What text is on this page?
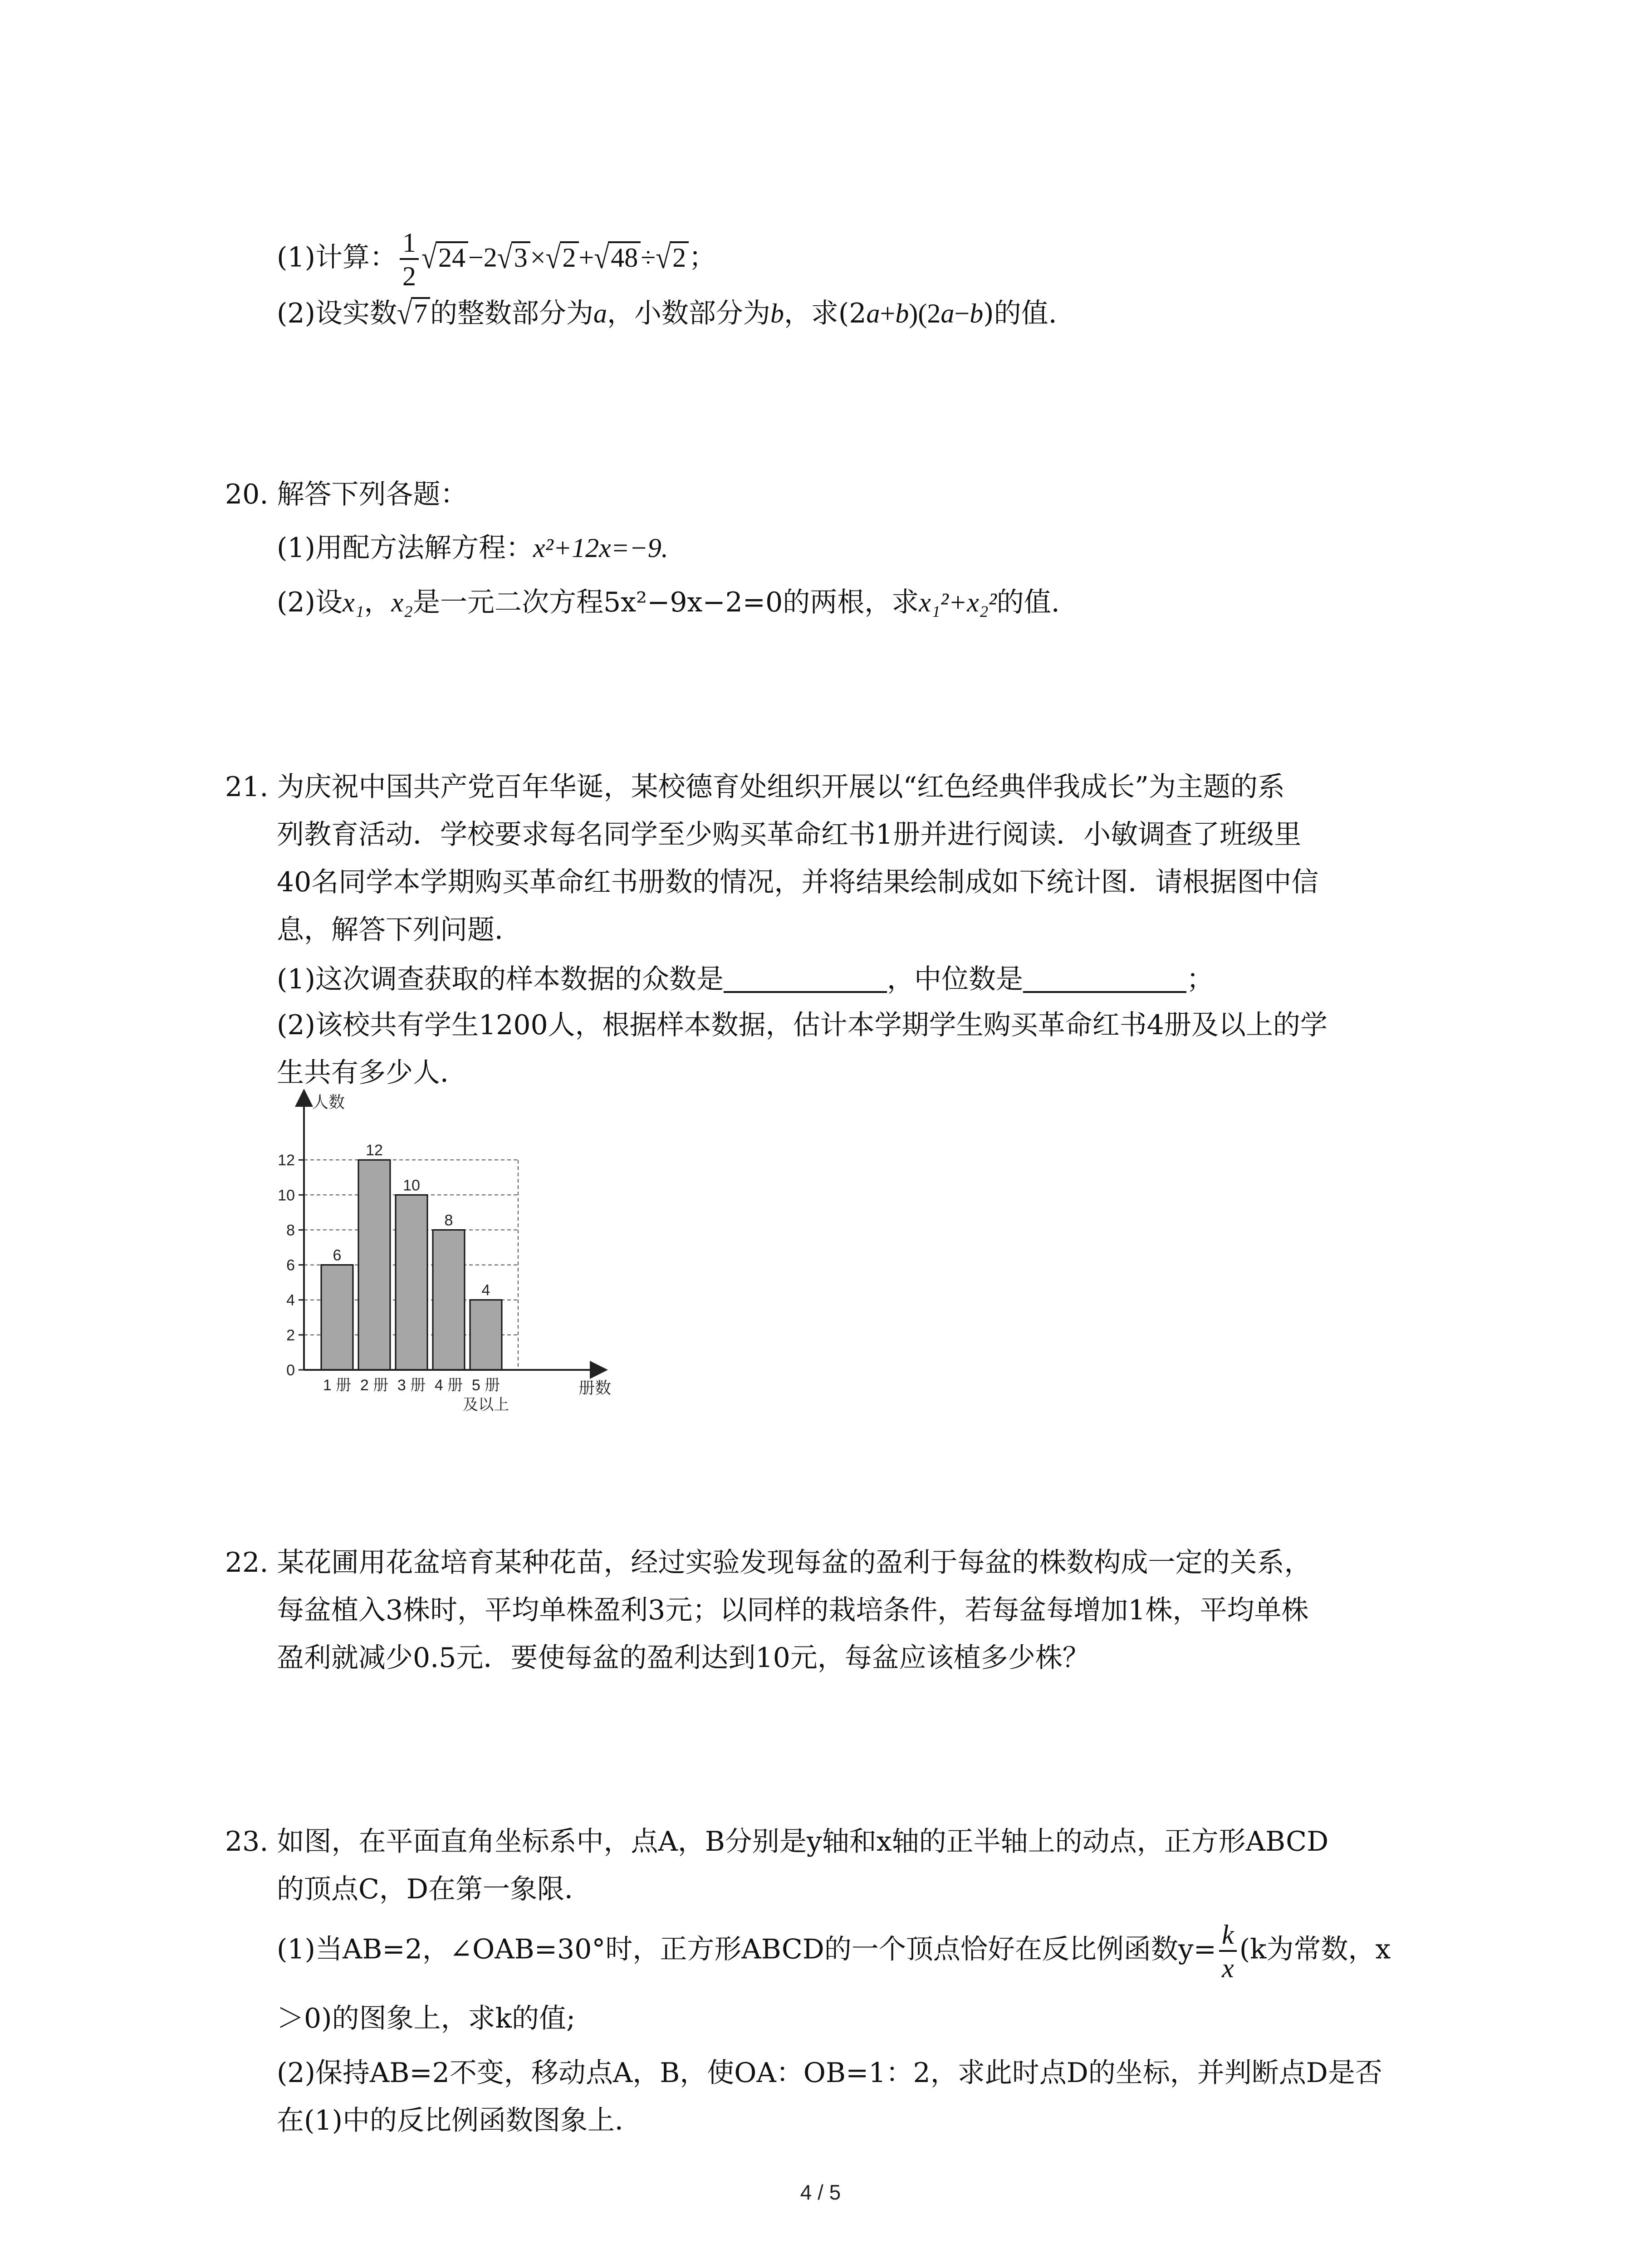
(1)计算： $\frac{1}{2} √24 -2√3 \times√2 +√48 \div√2$ ；
(2)设实数√7 的整数部分为a，小数部分为b，求(2a+b)(2a−b)的值.
20. 解答下列各题：
(1)用配方法解方程：x²+12x=−9.
(2)设x₁，x₂是一元二次方程5x²−9x−2=0的两根，求x₁²+x₂²的值.
21. 为庆祝中国共产党百年华诞，某校德育处组织开展以“红色经典伴我成长”为主题的系
列教育活动．学校要求每名同学至少购买革命红书1册并进行阅读．小敏调查了班级里
40名同学本学期购买革命红书册数的情况，并将结果绘制成如下统计图．请根据图中信
息，解答下列问题．
(1)这次调查获取的样本数据的众数是	，中位数是	；
(2)该校共有学生1200人，根据样本数据，估计本学期学生购买革命红书4册及以上的学
生共有多少人．
0
2
4
6
8
10
12
6
1 册
12
2 册
10
3 册
8
4 册
4
5 册
及以上
人数
册数
22. 某花圃用花盆培育某种花苗，经过实验发现每盆的盈利于每盆的株数构成一定的关系，
每盆植入3株时，平均单株盈利3元；以同样的栽培条件，若每盆每增加1株，平均单株
盈利就减少0.5元．要使每盆的盈利达到10元，每盆应该植多少株？
23. 如图，在平面直角坐标系中，点A，B分别是y轴和x轴的正半轴上的动点，正方形ABCD
的顶点C，D在第一象限．
(1)当AB=2，∠OAB=30°时，正方形ABCD的一个顶点恰好在反比例函数$y= \frac{k}{x} (k$为常数，x
＞0)的图象上，求k的值;
(2)保持AB=2不变，移动点A，B，使OA：OB=1：2，求此时点D的坐标，并判断点D是否
在(1)中的反比例函数图象上．
4 / 5
